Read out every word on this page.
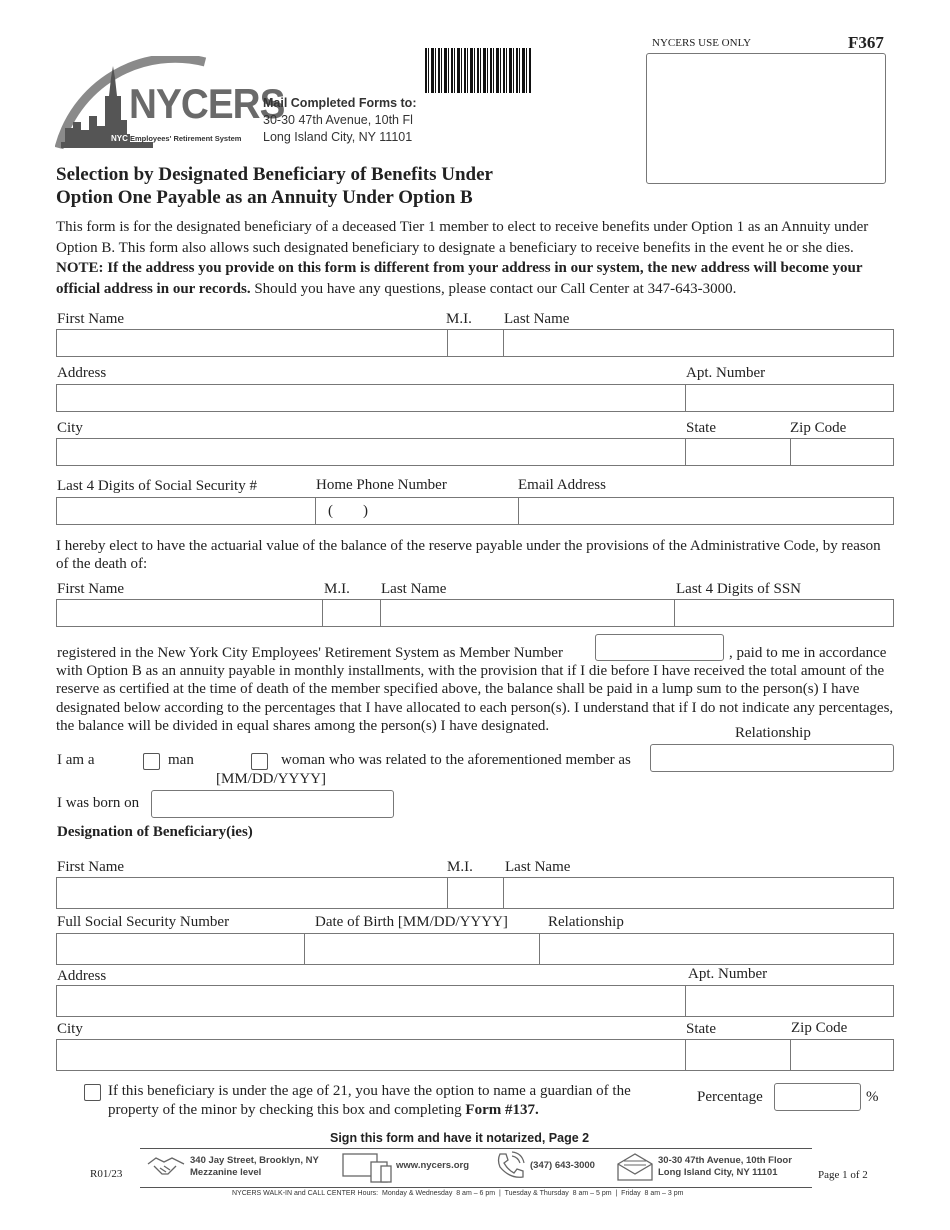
NYCERS
NYC Employees' Retirement System
Mail Completed Forms to:
30-30 47th Avenue, 10th Fl
Long Island City, NY 11101
NYCERS USE ONLY	F367
Selection by Designated Beneficiary of Benefits Under
Option One Payable as an Annuity Under Option B
This form is for the designated beneficiary of a deceased Tier 1 member to elect to receive benefits under Option 1 as an Annuity under Option B. This form also allows such designated beneficiary to designate a beneficiary to receive benefits in the event he or she dies. NOTE: If the address you provide on this form is different from your address in our system, the new address will become your official address in our records. Should you have any questions, please contact our Call Center at 347-643-3000.
First Name	M.I. Last Name
Address	Apt. Number
City	State	Zip Code
Last 4 Digits of Social Security #	Home Phone Number	Email Address
(        )
I hereby elect to have the actuarial value of the balance of the reserve payable under the provisions of the Administrative Code, by reason of the death of:
First Name	M.I. Last Name	Last 4 Digits of SSN
registered in the New York City Employees' Retirement System as Member Number	, paid to me in accordance
with Option B as an annuity payable in monthly installments, with the provision that if I die before I have received the total amount of the reserve as certified at the time of death of the member specified above, the balance shall be paid in a lump sum to the person(s) I have designated below according to the percentages that I have allocated to each person(s). I understand that if I do not indicate any percentages, the balance will be divided in equal shares among the person(s) I have designated.	Relationship
I am a	man	woman who was related to the aforementioned member as
[MM/DD/YYYY]
I was born on
Designation of Beneficiary(ies)
First Name	M.I. Last Name
Full Social Security Number	Date of Birth [MM/DD/YYYY]	Relationship
Address	Apt. Number
City	State	Zip Code
If this beneficiary is under the age of 21, you have the option to name a guardian of the property of the minor by checking this box and completing Form #137.
Percentage	%
Sign this form and have it notarized, Page 2
R01/23
340 Jay Street, Brooklyn, NY
Mezzanine level
www.nycers.org	(347) 643-3000	30-30 47th Avenue, 10th Floor
Long Island City, NY 11101	Page 1 of 2
NYCERS WALK-IN and CALL CENTER Hours:  Monday & Wednesday  8 am – 6 pm  |  Tuesday & Thursday  8 am – 5 pm  |  Friday  8 am – 3 pm
